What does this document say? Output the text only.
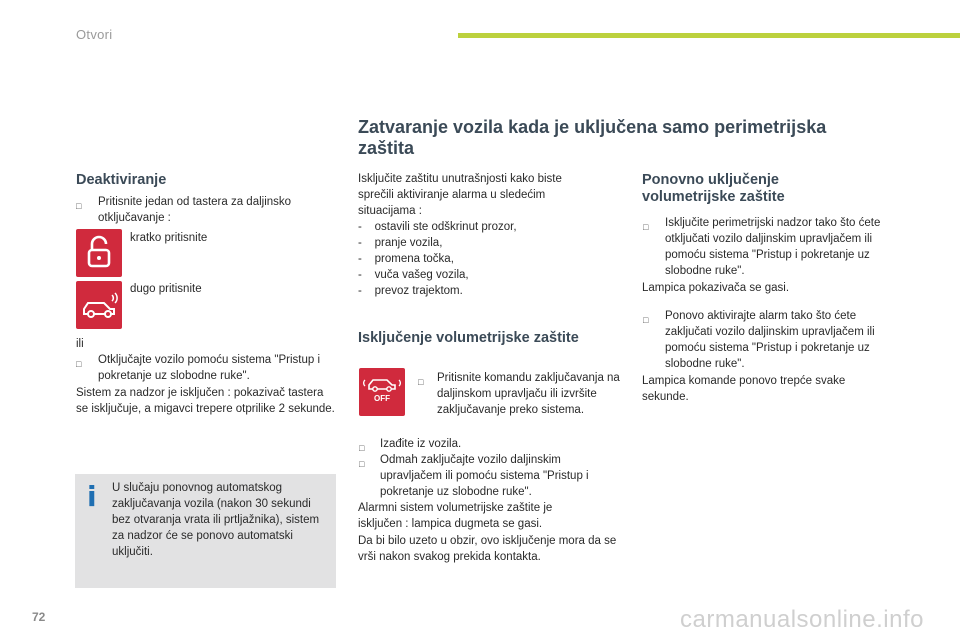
Otvori
Deaktiviranje
□	Pritisnite jedan od tastera za daljinsko otključavanje :
kratko pritisnite
dugo pritisnite
ili
□	Otključajte vozilo pomoću sistema "Pristup i pokretanje uz slobodne ruke".
Sistem za nadzor je isključen : pokazivač tastera se isključuje, a migavci trepere otprilike 2 sekunde.
i U slučaju ponovnog automatskog zaključavanja vozila (nakon 30 sekundi bez otvaranja vrata ili prtljažnika), sistem za nadzor će se ponovo automatski uključiti.
Zatvaranje vozila kada je uključena samo perimetrijska
zaštita
Isključite zaštitu unutrašnjosti kako biste sprečili aktiviranje alarma u sledećim situacijama :
-    ostavili ste odškrinut prozor,
-    pranje vozila,
-    promena točka,
-    vuča vašeg vozila,
-    prevoz trajektom.
Isključenje volumetrijske zaštite
OFF
□	Pritisnite komandu zaključavanja na daljinskom upravljaču ili izvršite zaključavanje preko sistema.
□	Izađite iz vozila.
□	Odmah zaključajte vozilo daljinskim upravljačem ili pomoću sistema "Pristup i pokretanje uz slobodne ruke".
Alarmni sistem volumetrijske zaštite je isključen : lampica dugmeta se gasi.
Da bi bilo uzeto u obzir, ovo isključenje mora da se vrši nakon svakog prekida kontakta.
Ponovno uključenje
volumetrijske zaštite
□	Isključite perimetrijski nadzor tako što ćete otključati vozilo daljinskim upravljačem ili pomoću sistema "Pristup i pokretanje uz slobodne ruke".
Lampica pokazivača se gasi.
□	Ponovo aktivirajte alarm tako što ćete zaključati vozilo daljinskim upravljačem ili pomoću sistema "Pristup i pokretanje uz slobodne ruke".
Lampica komande ponovo trepće svake sekunde.
72	carmanualsonline.info
